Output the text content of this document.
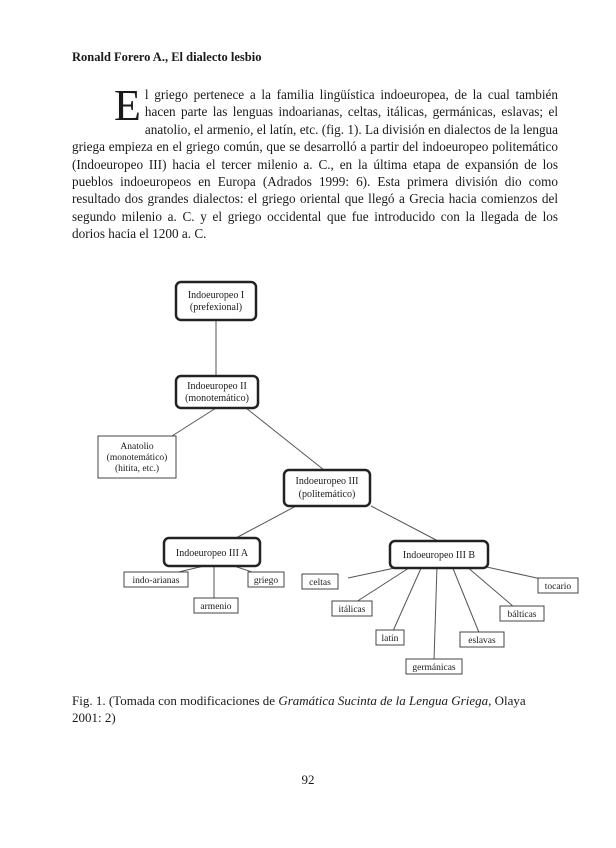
Ronald Forero A., El dialecto lesbio

E l griego pertenece a la familia lingüística indoeuropea, de la cual también hacen parte las lenguas indoarianas, celtas, itálicas, germánicas, eslavas; el anatolio, el armenio, el latín, etc. (fig. 1). La división en dialectos de la lengua griega empieza en el griego común, que se desarrolló a partir del indoeuropeo politemático (Indoeuropeo III) hacia el tercer milenio a. C., en la última etapa de expansión de los pueblos indoeuropeos en Europa (Adrados 1999: 6). Esta primera división dio como resultado dos grandes dialectos: el griego oriental que llegó a Grecia hacia comienzos del segundo milenio a. C. y el griego occidental que fue introducido con la llegada de los dorios hacia el 1200 a. C.

Indoeuropeo I
(prefexional)
Indoeuropeo II
(monotemático)
Anatolio
(monotemático)
(hitita, etc.)
Indoeuropeo III
(politemático)
Indoeuropeo III A	Indoeuropeo III B
indo-arianas
armenio
griego	celtas
itálicas
latín
germánicas
eslavas
bálticas
tocario
Fig. 1. (Tomada con modificaciones de Gramática Sucinta de la Lengua Griega, Olaya 2001: 2)
92
